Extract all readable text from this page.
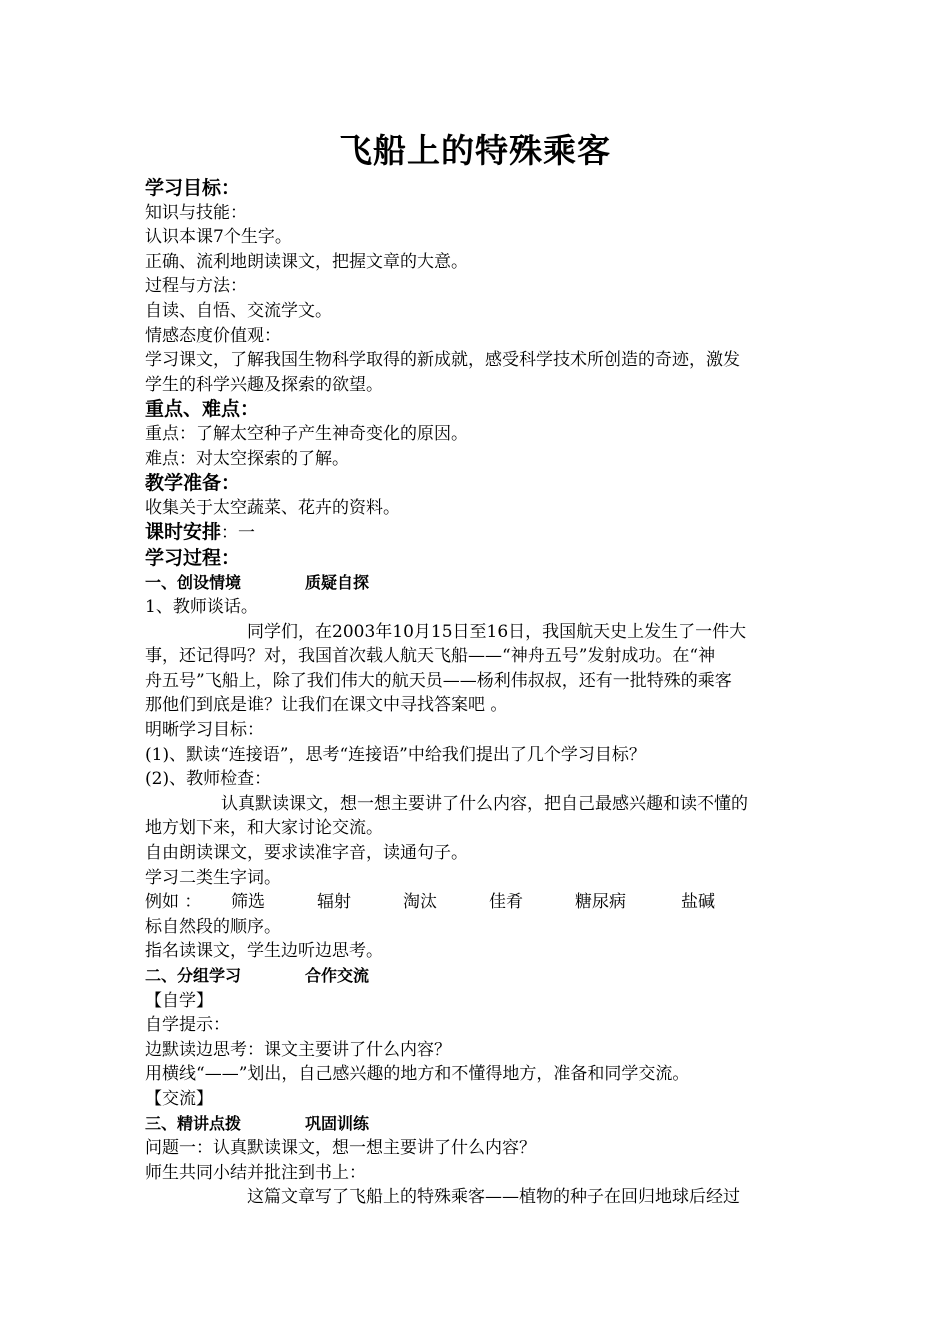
飞船上的特殊乘客
学习目标：
知识与技能：
认识本课7个生字。
正确、流利地朗读课文，把握文章的大意。
过程与方法：
自读、自悟、交流学文。
情感态度价值观：
学习课文，了解我国生物科学取得的新成就，感受科学技术所创造的奇迹，激发
学生的科学兴趣及探索的欲望。
重点、难点：
重点：了解太空种子产生神奇变化的原因。
难点：对太空探索的了解。
教学准备：
收集关于太空蔬菜、花卉的资料。
课时安排：一
学习过程：
一、创设情境	质疑自探
1、教师谈话。
同学们，在2003年10月15日至16日，我国航天史上发生了一件大
事，还记得吗？对，我国首次载人航天飞船——“神舟五号”发射成功。在“神
舟五号”飞船上，除了我们伟大的航天员——杨利伟叔叔，还有一批特殊的乘客
那他们到底是谁？让我们在课文中寻找答案吧 。
明晰学习目标：
(1)、默读“连接语”，思考“连接语”中给我们提出了几个学习目标？
(2)、教师检查：
认真默读课文，想一想主要讲了什么内容，把自己最感兴趣和读不懂的
地方划下来，和大家讨论交流。
自由朗读课文，要求读准字音，读通句子。
学习二类生字词。
例如 ： 筛选	辐射	淘汰	佳肴	糖尿病	盐碱
标自然段的顺序。
指名读课文，学生边听边思考。
二、分组学习	合作交流
【自学】
自学提示：
边默读边思考：课文主要讲了什么内容？
用横线“——”划出，自己感兴趣的地方和不懂得地方，准备和同学交流。
【交流】
三、精讲点拨	巩固训练
问题一：认真默读课文，想一想主要讲了什么内容？
师生共同小结并批注到书上：
这篇文章写了飞船上的特殊乘客——植物的种子在回归地球后经过
